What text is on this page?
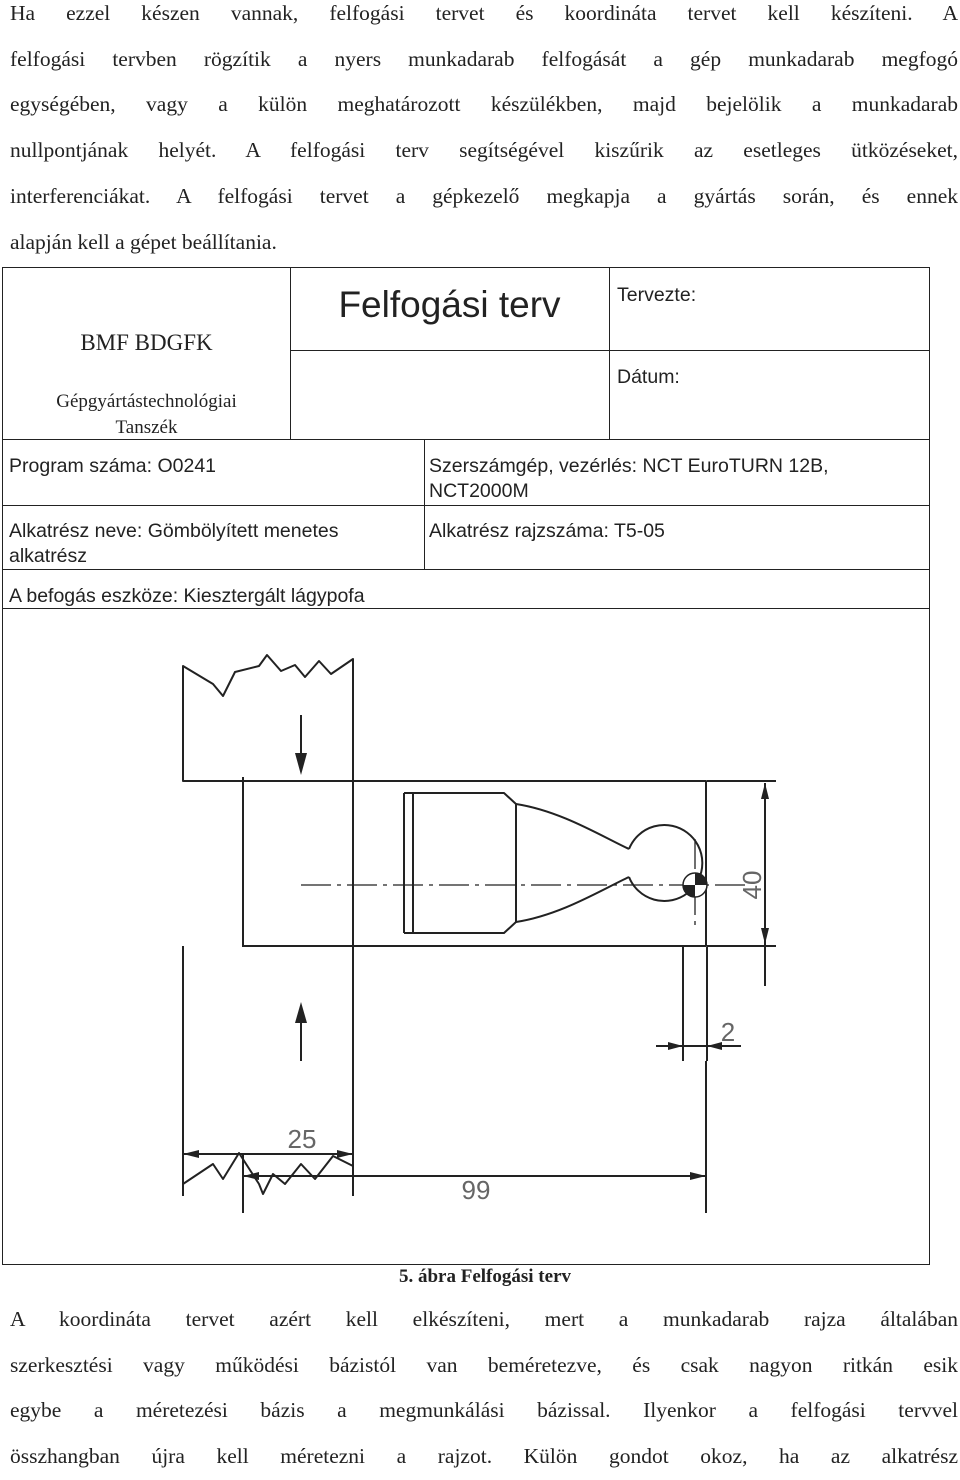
Ha ezzel készen vannak, felfogási tervet és koordináta tervet kell készíteni. A
felfogási tervben rögzítik a nyers munkadarab felfogását a gép munkadarab megfogó
egységében, vagy a külön meghatározott készülékben, majd bejelölik a munkadarab
nullpontjának helyét. A felfogási terv segítségével kiszűrik az esetleges ütközéseket,
interferenciákat. A felfogási tervet a gépkezelő megkapja a gyártás során, és ennek
alapján kell a gépet beállítania.

BMF BDGFK
Gépgyártástechnológiai Tanszék
Felfogási terv	Tervezte:
Dátum:
Program száma: O0241	Szerszámgép, vezérlés: NCT EuroTURN 12B, NCT2000M
Alkatrész neve: Gömbölyített menetes alkatrész
Alkatrész rajzszáma: T5-05
A befogás eszköze: Kiesztergált lágypofa
40
2
25
99
5. ábra Felfogási terv

A koordináta tervet azért kell elkészíteni, mert a munkadarab rajza általában
szerkesztési vagy működési bázistól van beméretezve, és csak nagyon ritkán esik
egybe a méretezési bázis a megmunkálási bázissal. Ilyenkor a felfogási tervvel
összhangban újra kell méretezni a rajzot. Külön gondot okoz, ha az alkatrész
